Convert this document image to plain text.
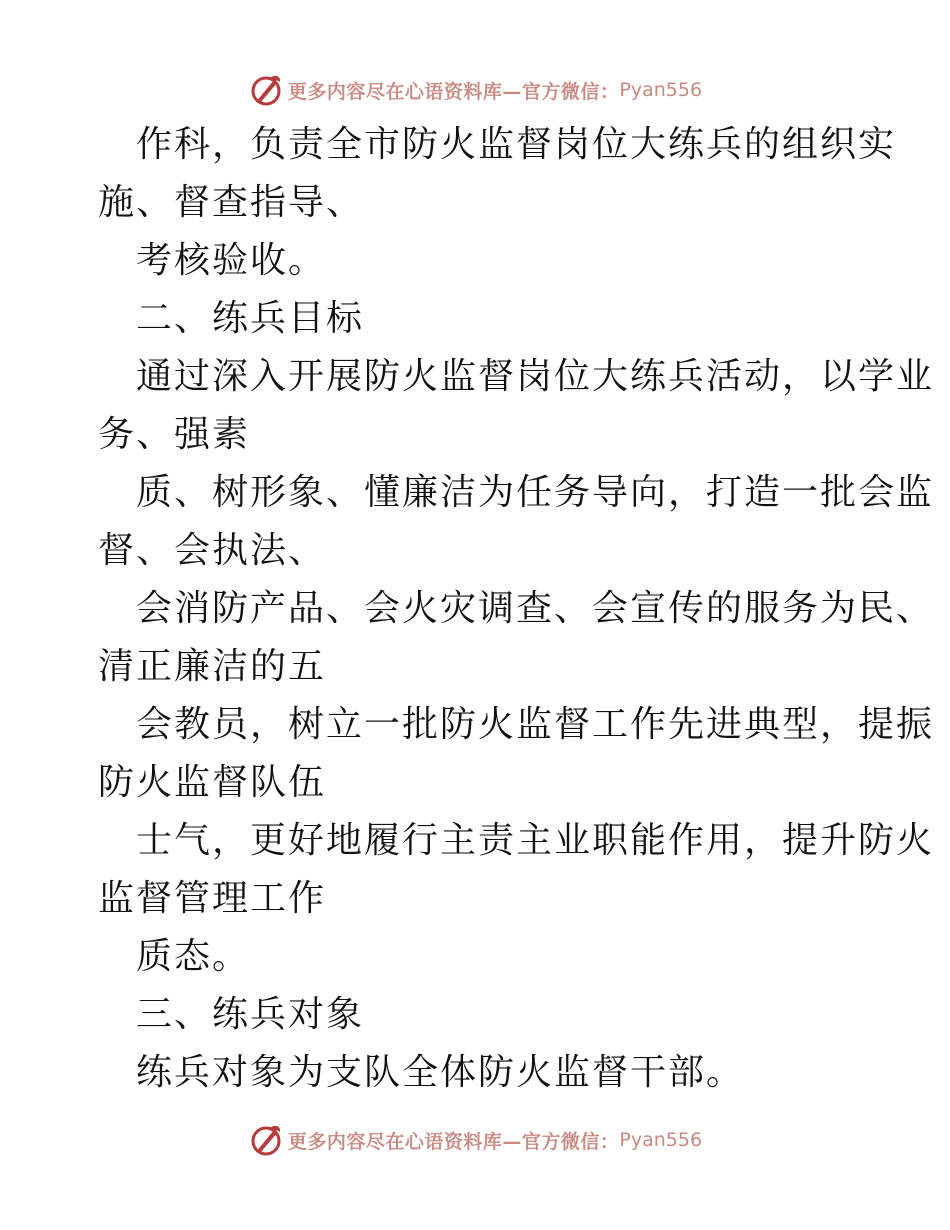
更多内容尽在心语资料库—官方微信： Pyan556
作科，负责全市防火监督岗位大练兵的组织实
施、督查指导、
考核验收。
二、练兵目标
通过深入开展防火监督岗位大练兵活动，以学业
务、强素
质、树形象、懂廉洁为任务导向，打造一批会监
督、会执法、
会消防产品、会火灾调查、会宣传的服务为民、
清正廉洁的五
会教员，树立一批防火监督工作先进典型，提振
防火监督队伍
士气，更好地履行主责主业职能作用，提升防火
监督管理工作
质态。
三、练兵对象
练兵对象为支队全体防火监督干部。
更多内容尽在心语资料库—官方微信： Pyan556
